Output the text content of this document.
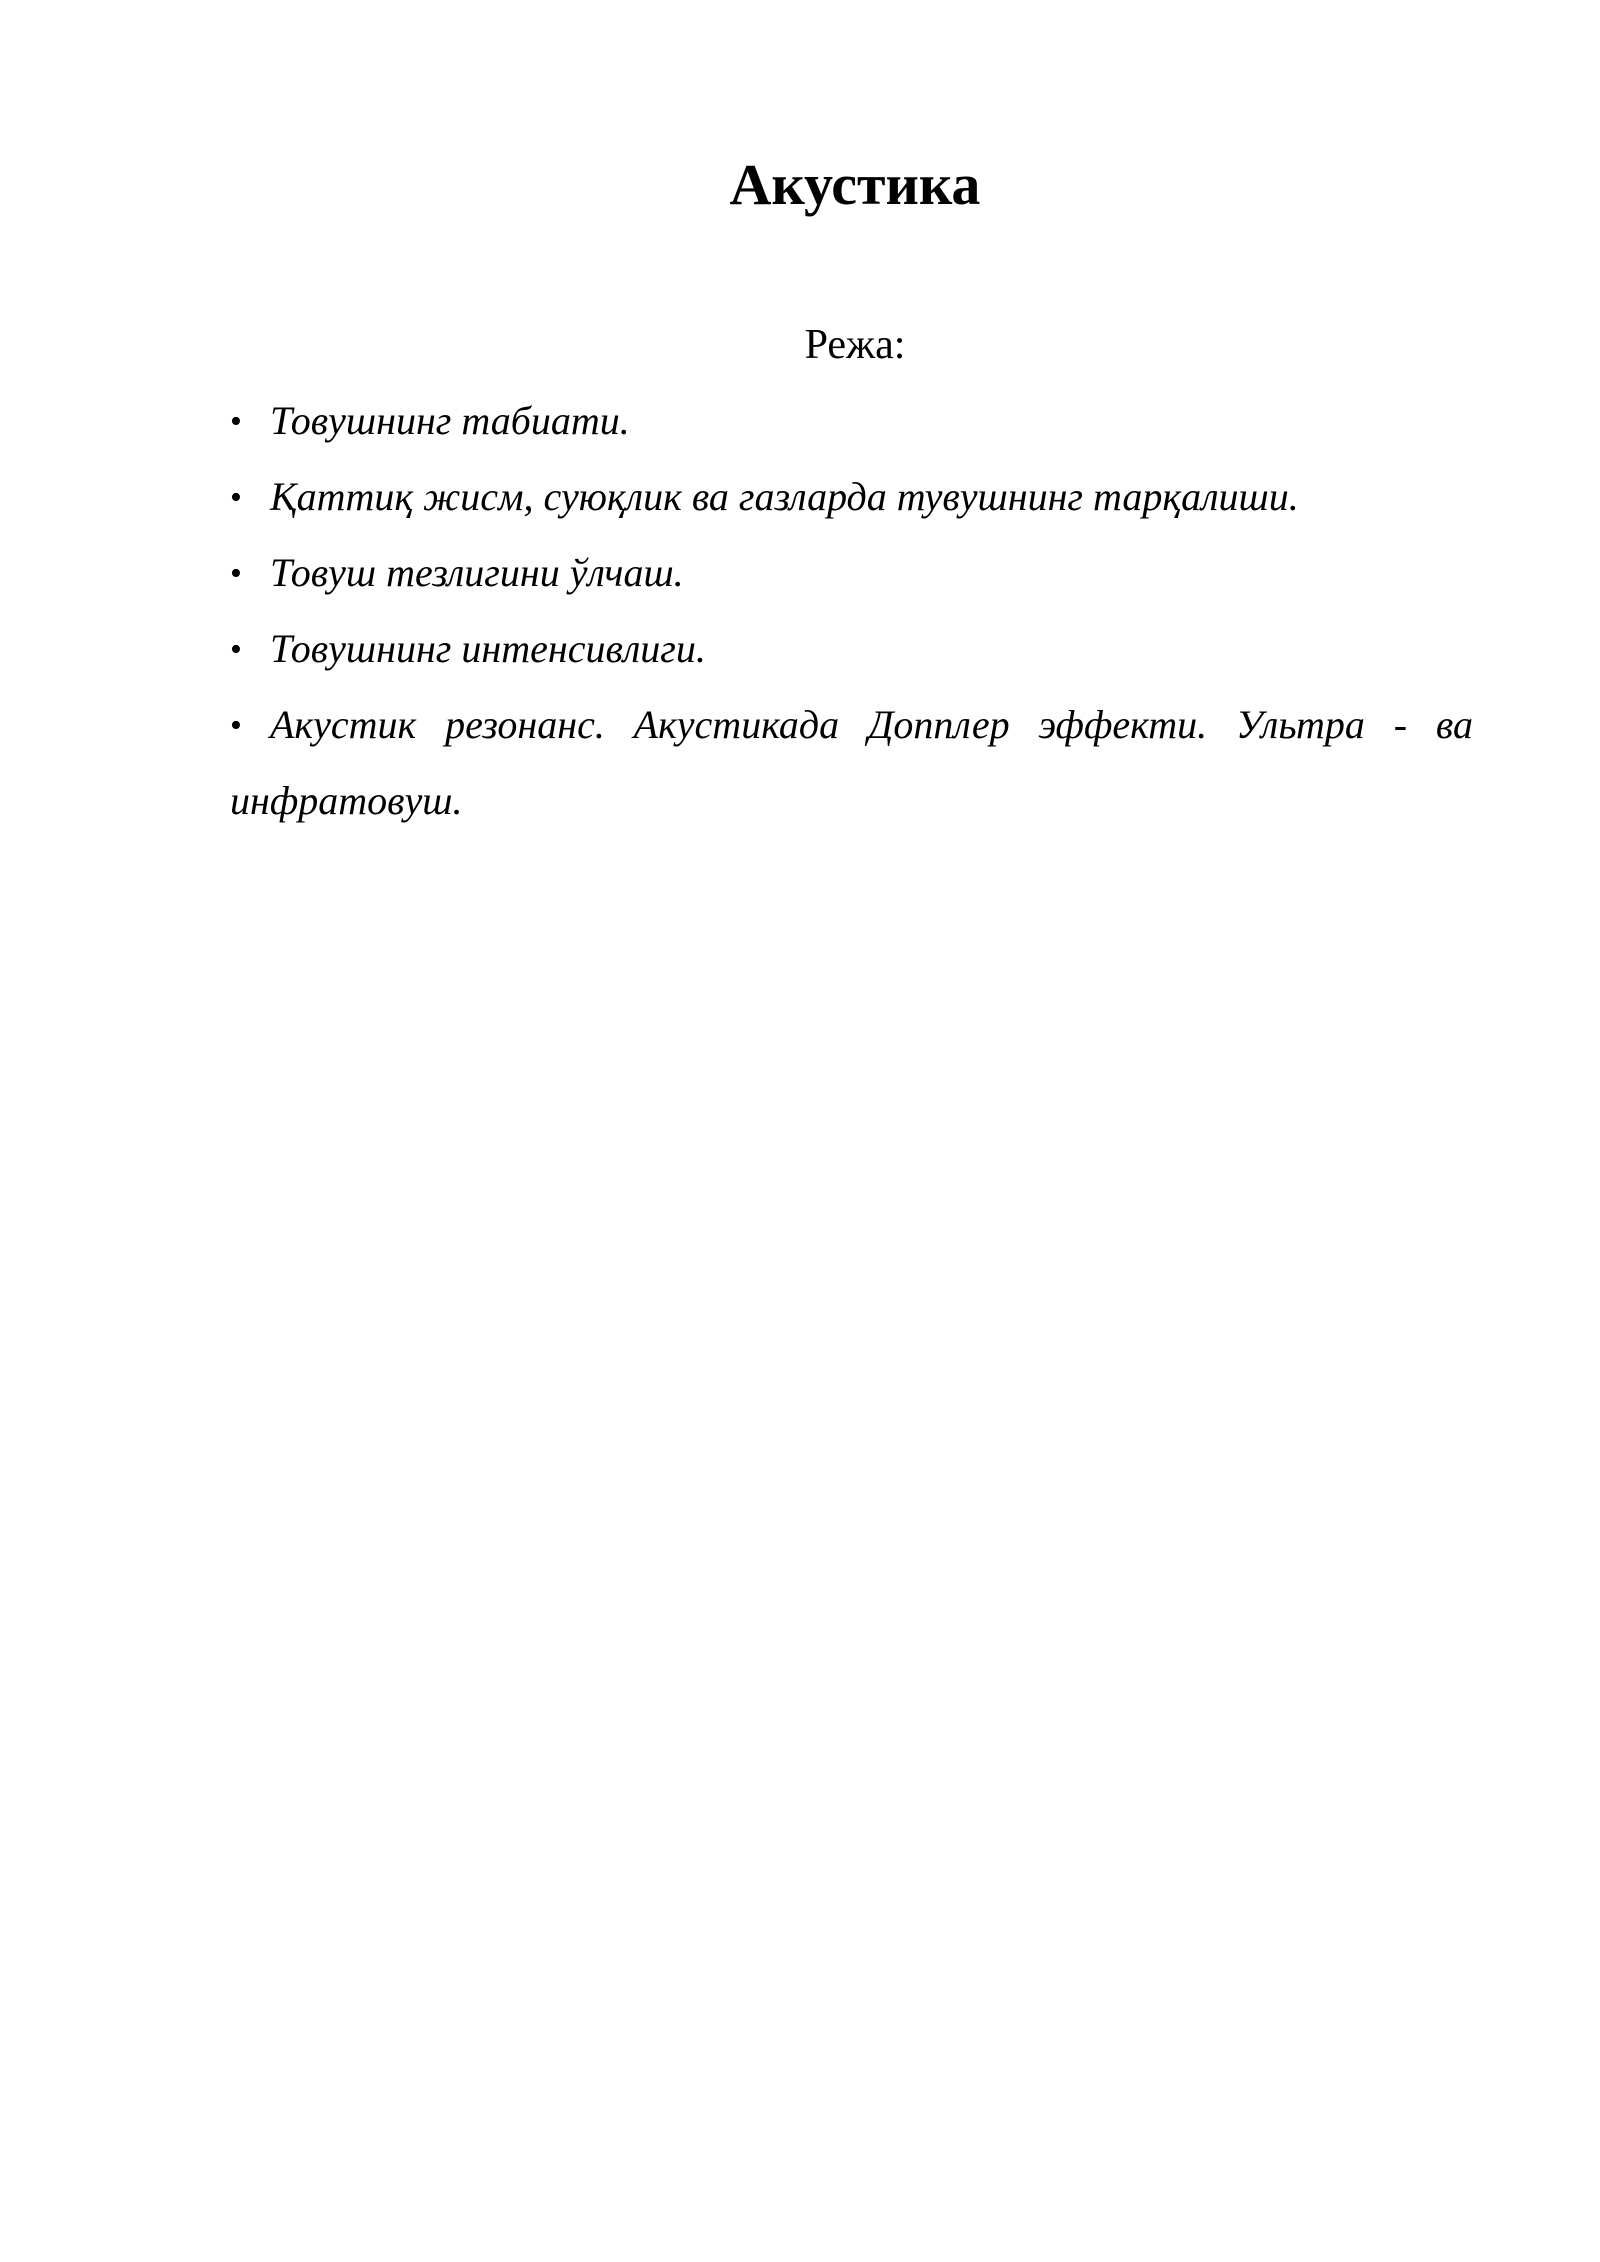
Акустика

Режа:

• Товушнинг табиати.
• Қаттиқ жисм, суюқлик ва газларда тувушнинг тарқалиши.
• Товуш тезлигини ўлчаш.
• Товушнинг интенсивлиги.
• Акустик резонанс. Акустикада Допплер эффекти. Ультра - ва инфратовуш.
